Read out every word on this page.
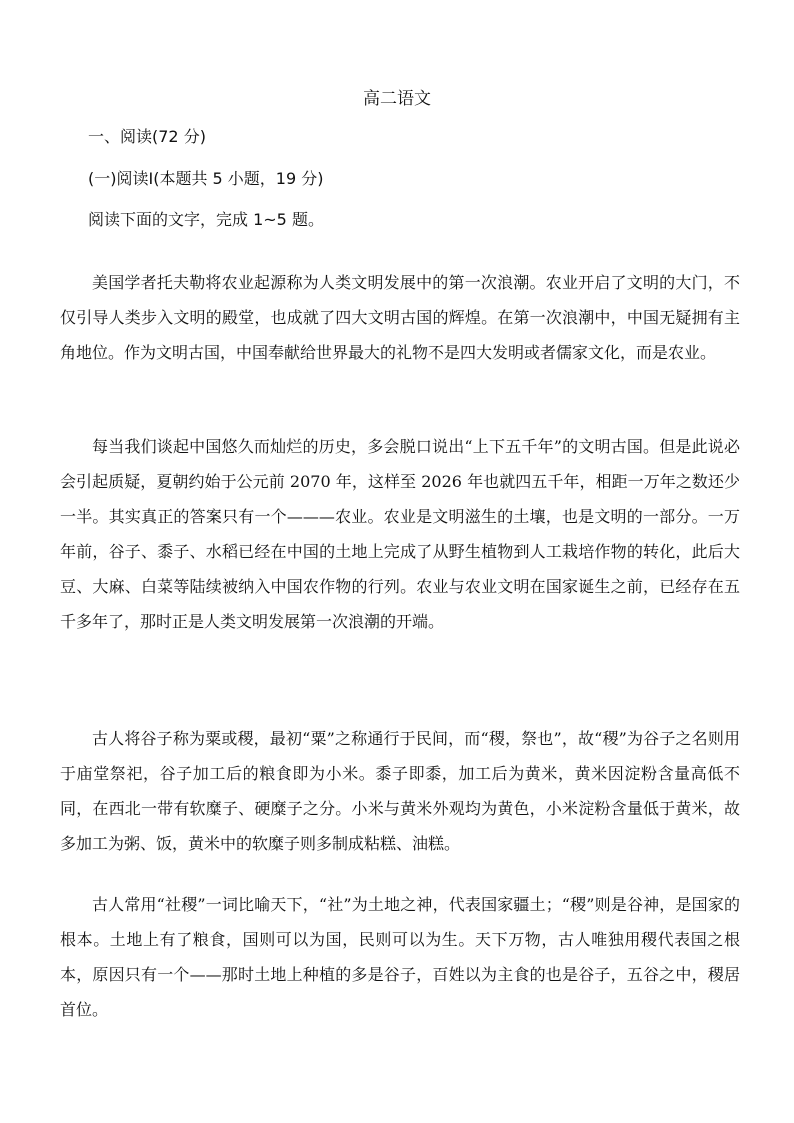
高二语文
一、阅读(72 分)
(一)阅读Ⅰ(本题共 5 小题，19 分)
阅读下面的文字，完成 1~5 题。

美国学者托夫勒将农业起源称为人类文明发展中的第一次浪潮。农业开启了文明的大门，不仅引导人类步入文明的殿堂，也成就了四大文明古国的辉煌。在第一次浪潮中，中国无疑拥有主角地位。作为文明古国，中国奉献给世界最大的礼物不是四大发明或者儒家文化，而是农业。

每当我们谈起中国悠久而灿烂的历史，多会脱口说出“上下五千年”的文明古国。但是此说必会引起质疑，夏朝约始于公元前 2070 年，这样至 2026 年也就四五千年，相距一万年之数还少一半。其实真正的答案只有一个———农业。农业是文明滋生的土壤，也是文明的一部分。一万年前，谷子、黍子、水稻已经在中国的土地上完成了从野生植物到人工栽培作物的转化，此后大豆、大麻、白菜等陆续被纳入中国农作物的行列。农业与农业文明在国家诞生之前，已经存在五千多年了，那时正是人类文明发展第一次浪潮的开端。

古人将谷子称为粟或稷，最初“粟”之称通行于民间，而“稷，祭也”，故“稷”为谷子之名则用于庙堂祭祀，谷子加工后的粮食即为小米。黍子即黍，加工后为黄米，黄米因淀粉含量高低不同，在西北一带有软糜子、硬糜子之分。小米与黄米外观均为黄色，小米淀粉含量低于黄米，故多加工为粥、饭，黄米中的软糜子则多制成粘糕、油糕。

古人常用“社稷”一词比喻天下，“社”为土地之神，代表国家疆土；“稷”则是谷神，是国家的根本。土地上有了粮食，国则可以为国，民则可以为生。天下万物，古人唯独用稷代表国之根本，原因只有一个——那时土地上种植的多是谷子，百姓以为主食的也是谷子，五谷之中，稷居首位。
